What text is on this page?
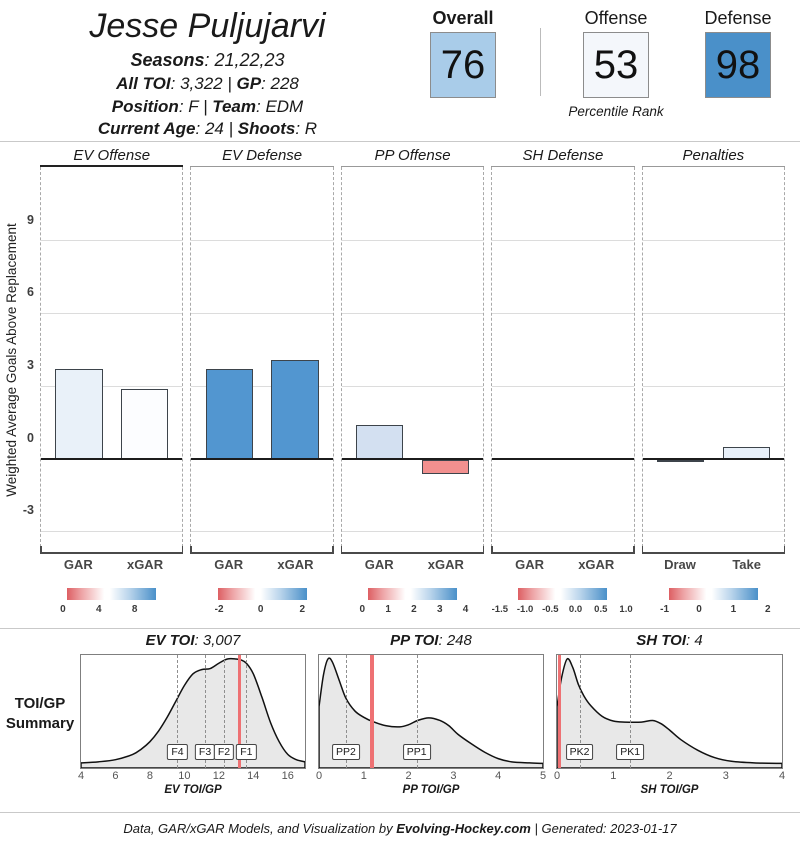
Jesse Puljujarvi
Seasons: 21,22,23
All TOI: 3,322 | GP: 228
Position: F | Team: EDM
Current Age: 24 | Shoots: R
Overall	Offense	Defense
76	53 98
Percentile Rank
Weighted Average Goals Above Replacement
9
6
3
0
-3
EV Offense
GAR	xGAR
0	4	8
EV Defense
GAR	xGAR
-2	0	2
PP Offense
GAR	xGAR
0 1 2 3 4
SH Defense
GAR	xGAR
-1.5 -1.0 -0.5 0.0 0.5 1.0
Penalties
Draw	Take
-1	0	1	2
TOI/GP
Summary
EV TOI: 3,007
F4	F3 F2 F1
4	6	8 10 12 14 16
EV TOI/GP
PP TOI: 248
PP2	PP1
0	1	2	3	4	5
PP TOI/GP
SH TOI: 4
PK2	PK1
0	1	2	3	4
SH TOI/GP
Data, GAR/xGAR Models, and Visualization by Evolving-Hockey.com | Generated: 2023-01-17
